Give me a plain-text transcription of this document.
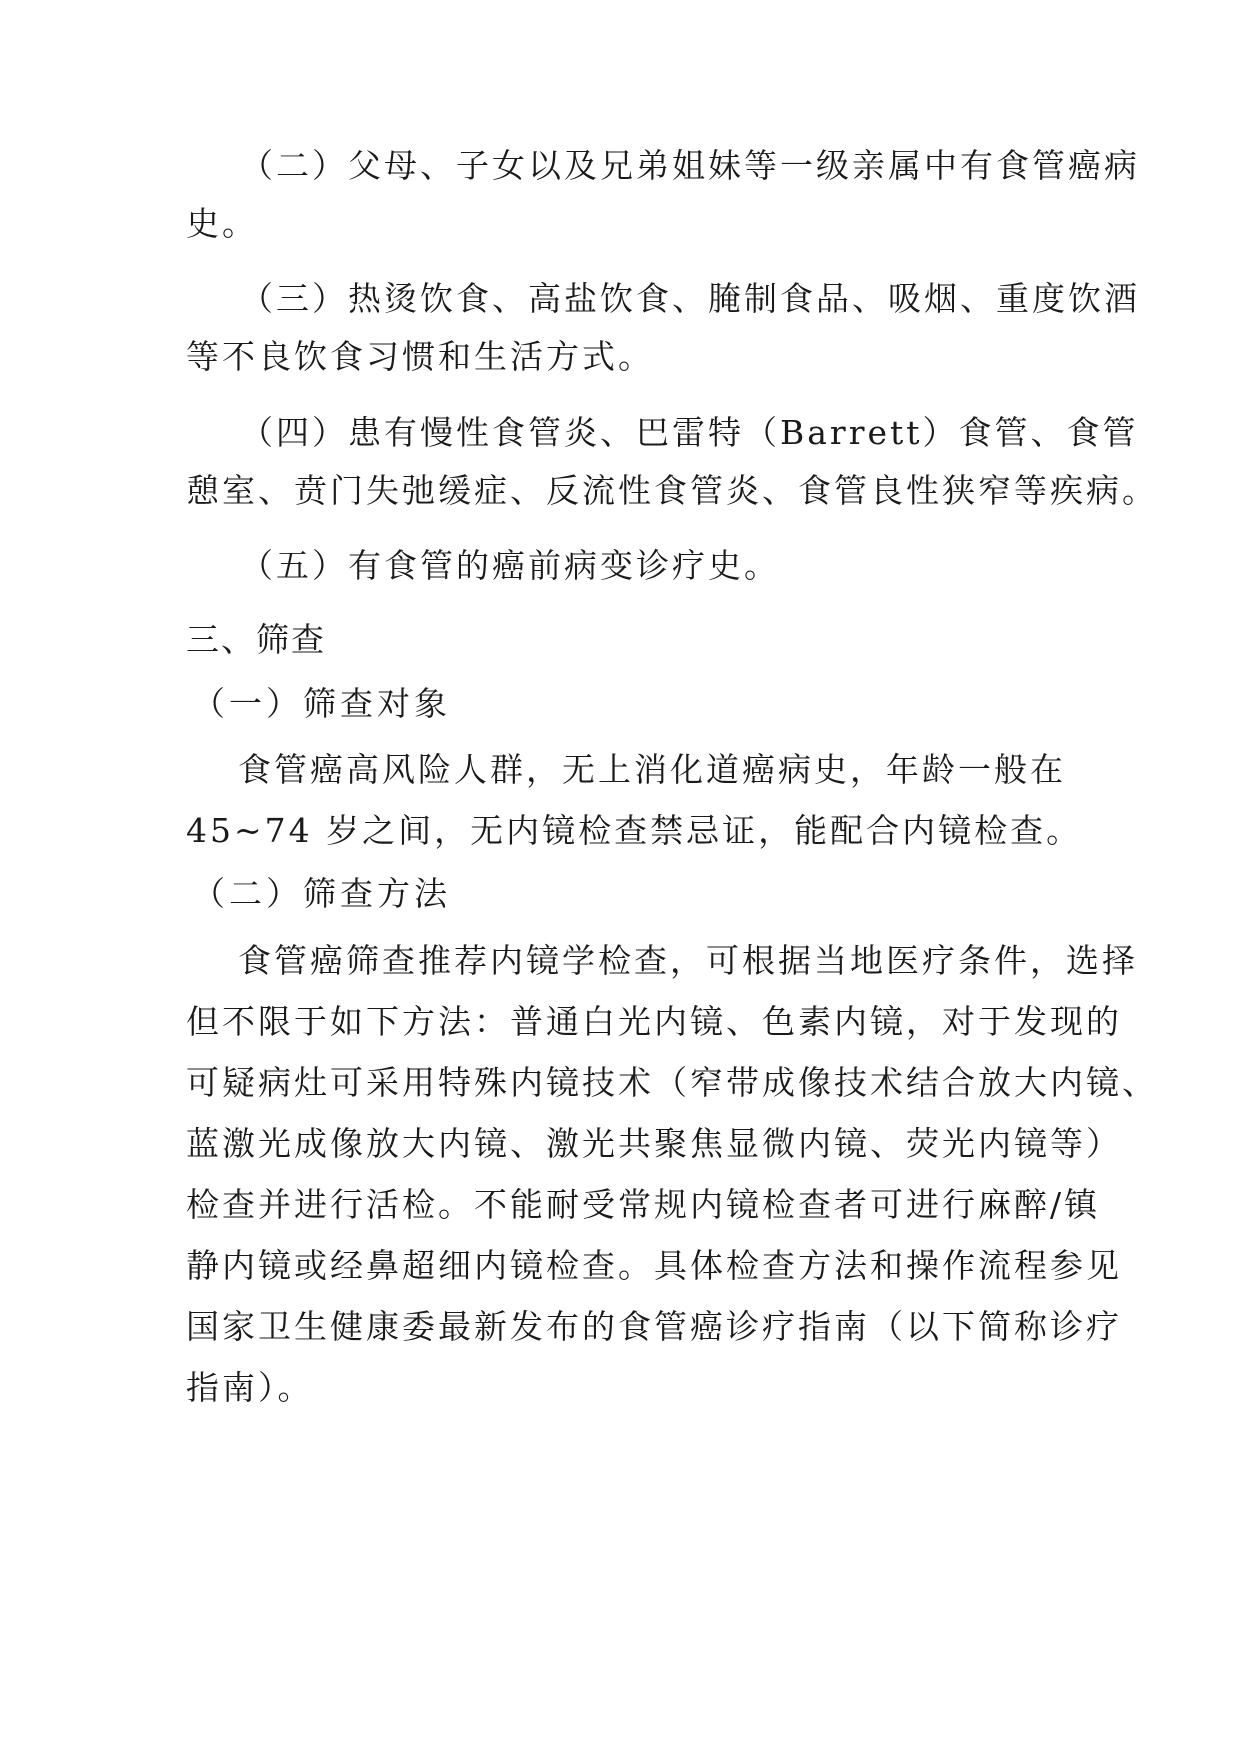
（二）父母、子女以及兄弟姐妹等一级亲属中有食管癌病
史。
（三）热烫饮食、高盐饮食、腌制食品、吸烟、重度饮酒
等不良饮食习惯和生活方式。
（四）患有慢性食管炎、巴雷特（Barrett）食管、食管
憩室、贲门失弛缓症、反流性食管炎、食管良性狭窄等疾病。
（五）有食管的癌前病变诊疗史。
三、筛查
（一）筛查对象
食管癌高风险人群，无上消化道癌病史，年龄一般在
45~74 岁之间，无内镜检查禁忌证，能配合内镜检查。
（二）筛查方法
食管癌筛查推荐内镜学检查，可根据当地医疗条件，选择
但不限于如下方法：普通白光内镜、色素内镜，对于发现的
可疑病灶可采用特殊内镜技术（窄带成像技术结合放大内镜、
蓝激光成像放大内镜、激光共聚焦显微内镜、荧光内镜等）
检查并进行活检。不能耐受常规内镜检查者可进行麻醉/镇
静内镜或经鼻超细内镜检查。具体检查方法和操作流程参见
国家卫生健康委最新发布的食管癌诊疗指南（以下简称诊疗
指南）。
